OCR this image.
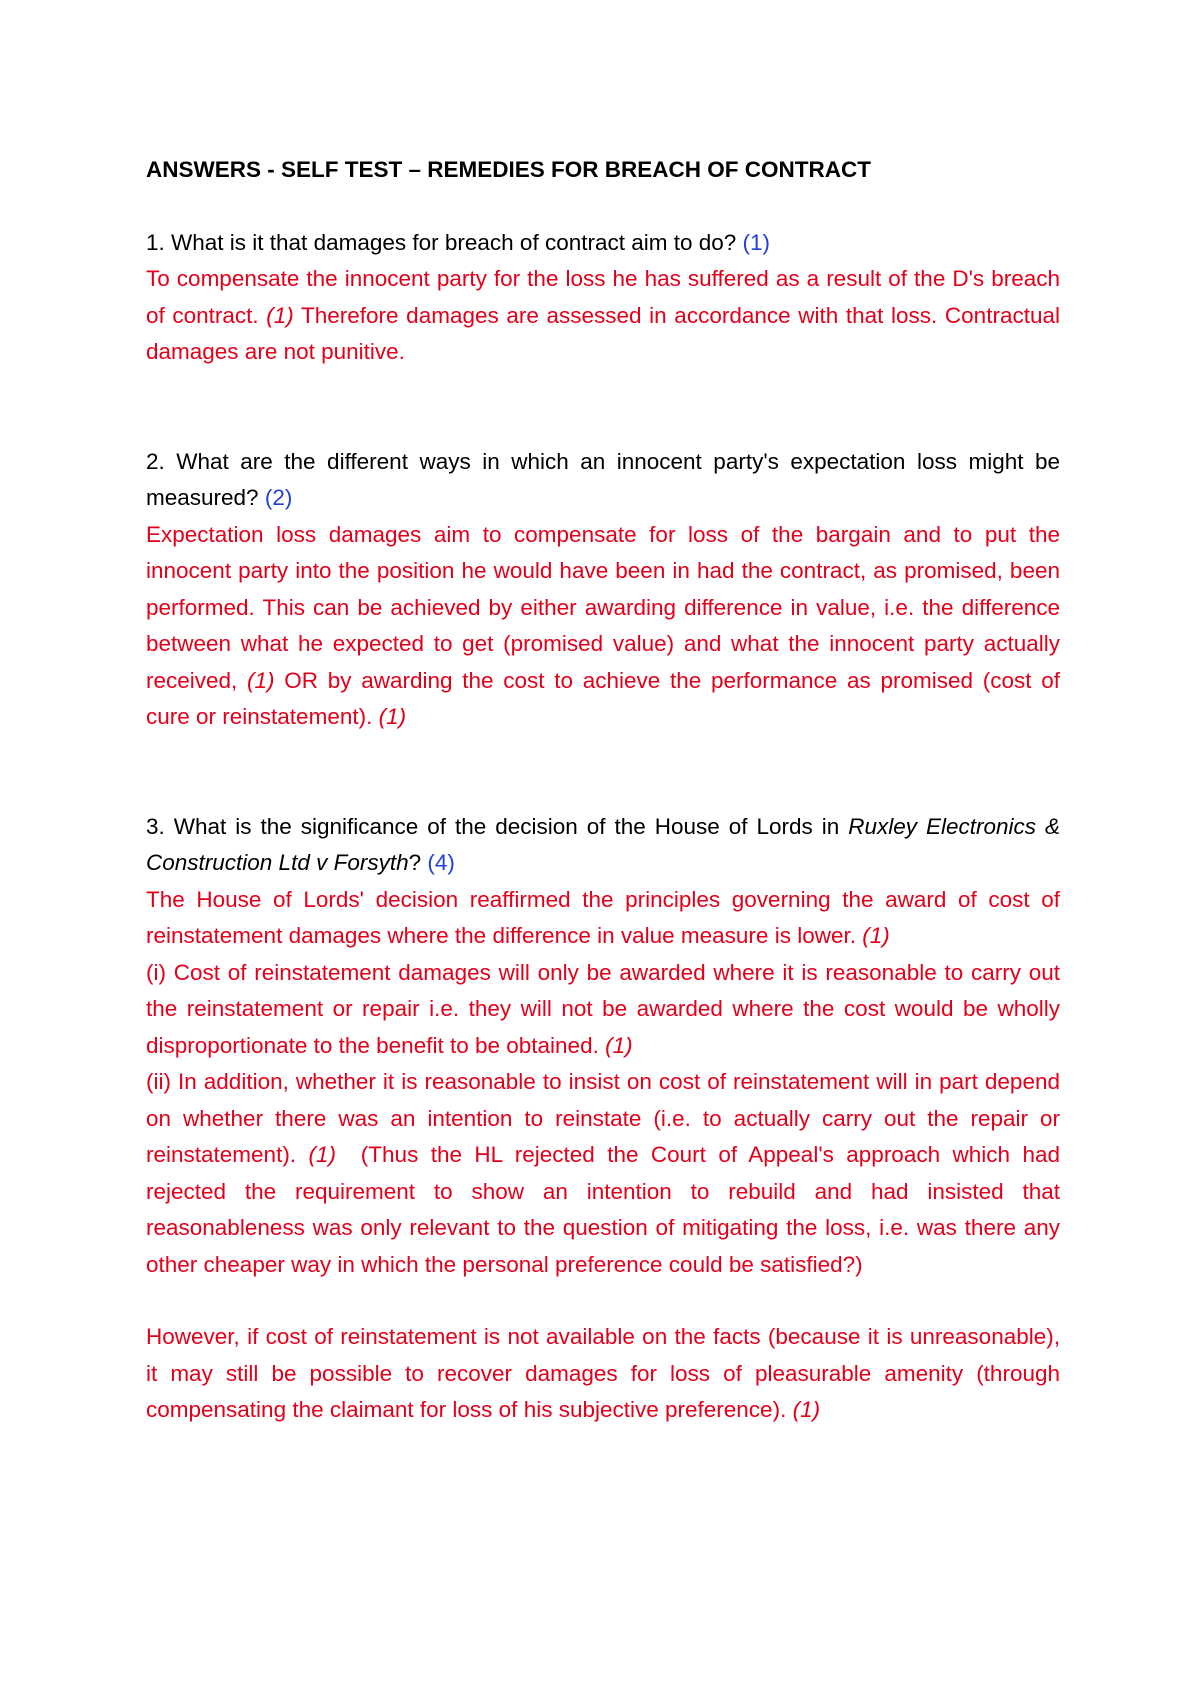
ANSWERS - SELF TEST – REMEDIES FOR BREACH OF CONTRACT

1. What is it that damages for breach of contract aim to do? (1)

To compensate the innocent party for the loss he has suffered as a result of the D's breach of contract. (1) Therefore damages are assessed in accordance with that loss. Contractual damages are not punitive.

2. What are the different ways in which an innocent party's expectation loss might be measured? (2)

Expectation loss damages aim to compensate for loss of the bargain and to put the innocent party into the position he would have been in had the contract, as promised, been performed. This can be achieved by either awarding difference in value, i.e. the difference between what he expected to get (promised value) and what the innocent party actually received, (1) OR by awarding the cost to achieve the performance as promised (cost of cure or reinstatement). (1)

3. What is the significance of the decision of the House of Lords in Ruxley Electronics & Construction Ltd v Forsyth? (4)

The House of Lords' decision reaffirmed the principles governing the award of cost of reinstatement damages where the difference in value measure is lower. (1)

(i) Cost of reinstatement damages will only be awarded where it is reasonable to carry out the reinstatement or repair i.e. they will not be awarded where the cost would be wholly disproportionate to the benefit to be obtained. (1)

(ii) In addition, whether it is reasonable to insist on cost of reinstatement will in part depend on whether there was an intention to reinstate (i.e. to actually carry out the repair or reinstatement). (1)  (Thus the HL rejected the Court of Appeal's approach which had rejected the requirement to show an intention to rebuild and had insisted that reasonableness was only relevant to the question of mitigating the loss, i.e. was there any other cheaper way in which the personal preference could be satisfied?)

However, if cost of reinstatement is not available on the facts (because it is unreasonable), it may still be possible to recover damages for loss of pleasurable amenity (through compensating the claimant for loss of his subjective preference). (1)
